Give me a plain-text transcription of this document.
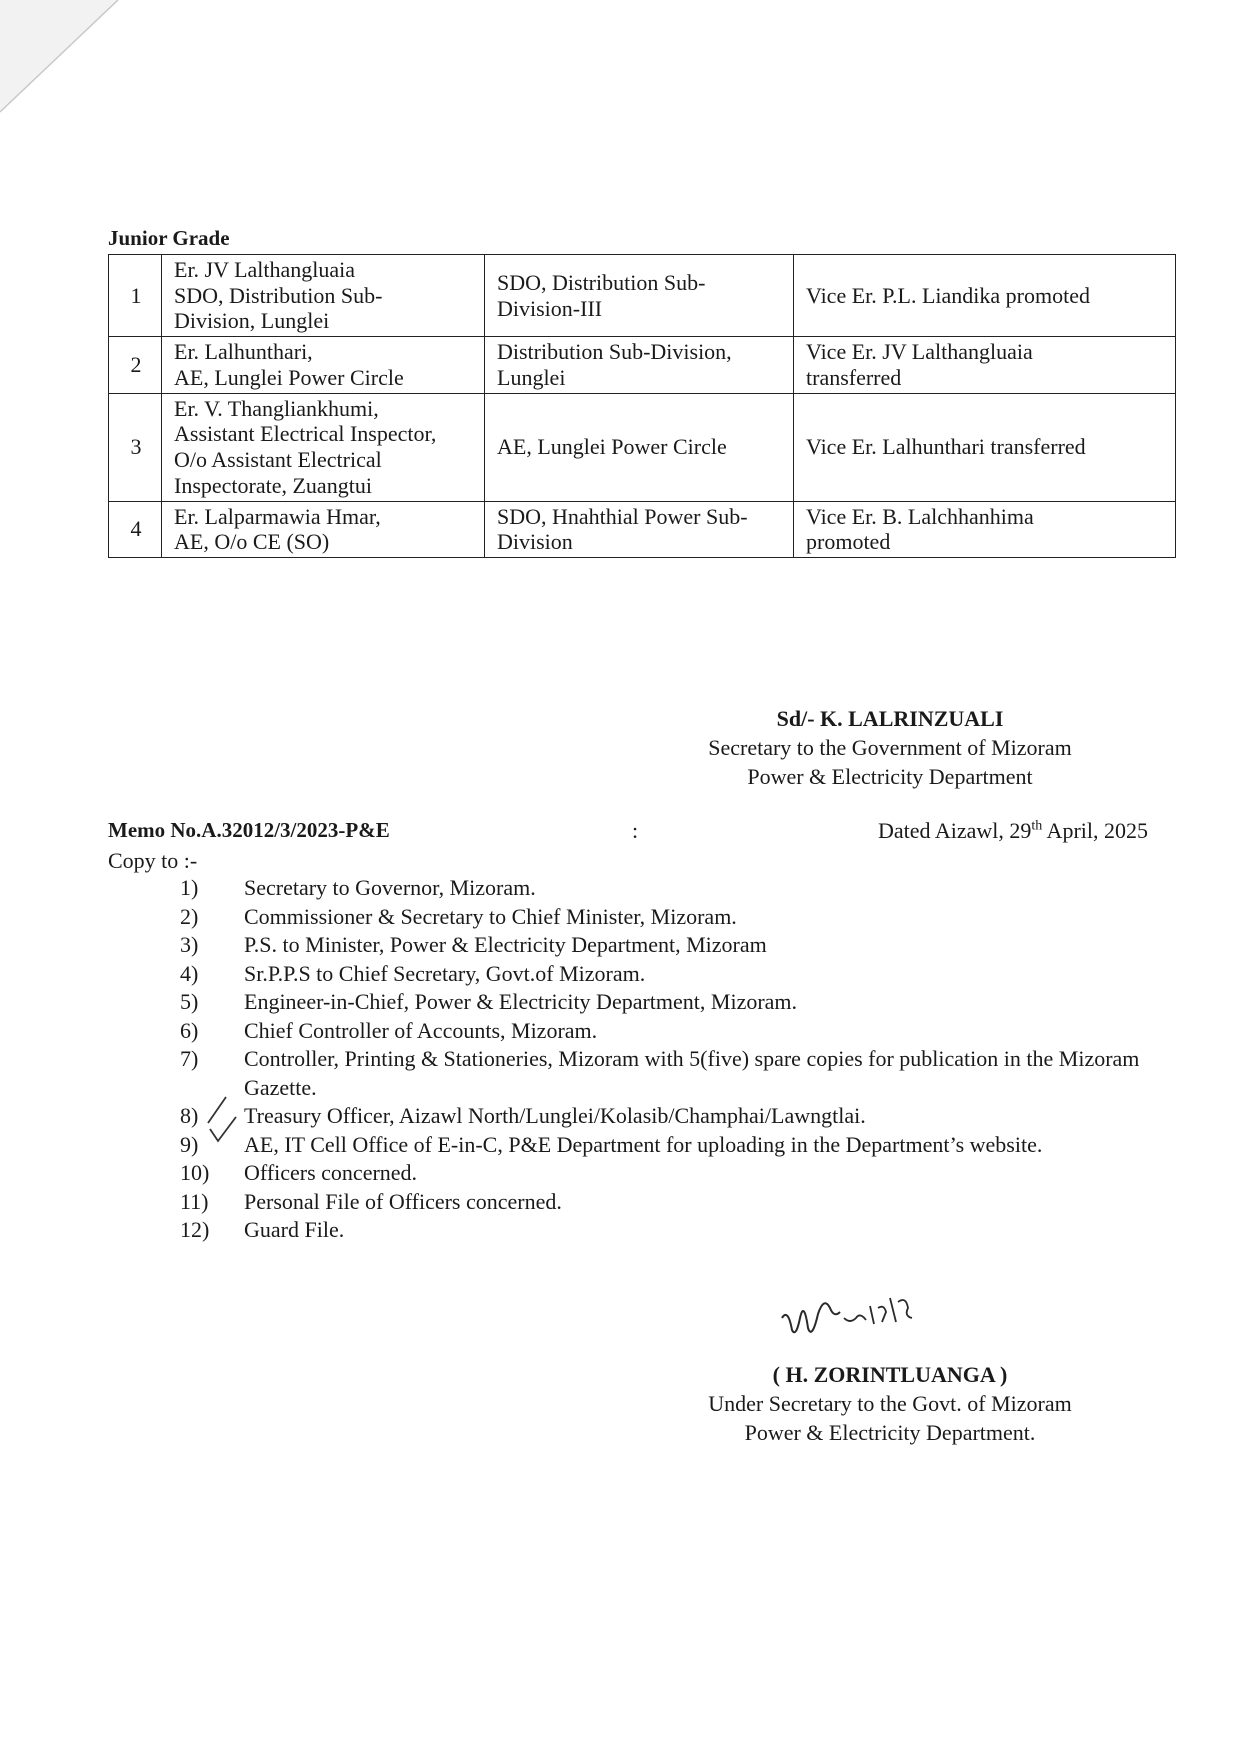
Junior Grade
1	Er. JV Lalthangluaia
SDO, Distribution Sub-
Division, Lunglei	SDO, Distribution Sub-
Division-III	Vice Er. P.L. Liandika promoted

2	Er. Lalhunthari,
AE, Lunglei Power Circle	Distribution Sub-Division,
Lunglei	Vice Er. JV Lalthangluaia
transferred

3	Er. V. Thangliankhumi,
Assistant Electrical Inspector,
O/o Assistant Electrical
Inspectorate, Zuangtui	AE, Lunglei Power Circle	Vice Er. Lalhunthari transferred

4	Er. Lalparmawia Hmar,
AE, O/o CE (SO)	SDO, Hnahthial Power Sub-
Division	Vice Er. B. Lalchhanhima
promoted
Sd/- K. LALRINZUALI
Secretary to the Government of Mizoram
Power & Electricity Department
Memo No.A.32012/3/2023-P&E	:	Dated Aizawl, 29th April, 2025
Copy to :-
1) Secretary to Governor, Mizoram.
2) Commissioner & Secretary to Chief Minister, Mizoram.
3) P.S. to Minister, Power & Electricity Department, Mizoram
4) Sr.P.P.S to Chief Secretary, Govt.of Mizoram.
5) Engineer-in-Chief, Power & Electricity Department, Mizoram.
6) Chief Controller of Accounts, Mizoram.
7) Controller, Printing & Stationeries, Mizoram with 5(five) spare copies for publication in the Mizoram Gazette.
8) Treasury Officer, Aizawl North/Lunglei/Kolasib/Champhai/Lawngtlai.
9) AE, IT Cell Office of E-in-C, P&E Department for uploading in the Department’s website.
10) Officers concerned.
11) Personal File of Officers concerned.
12) Guard File.
( H. ZORINTLUANGA )
Under Secretary to the Govt. of Mizoram
Power & Electricity Department.
